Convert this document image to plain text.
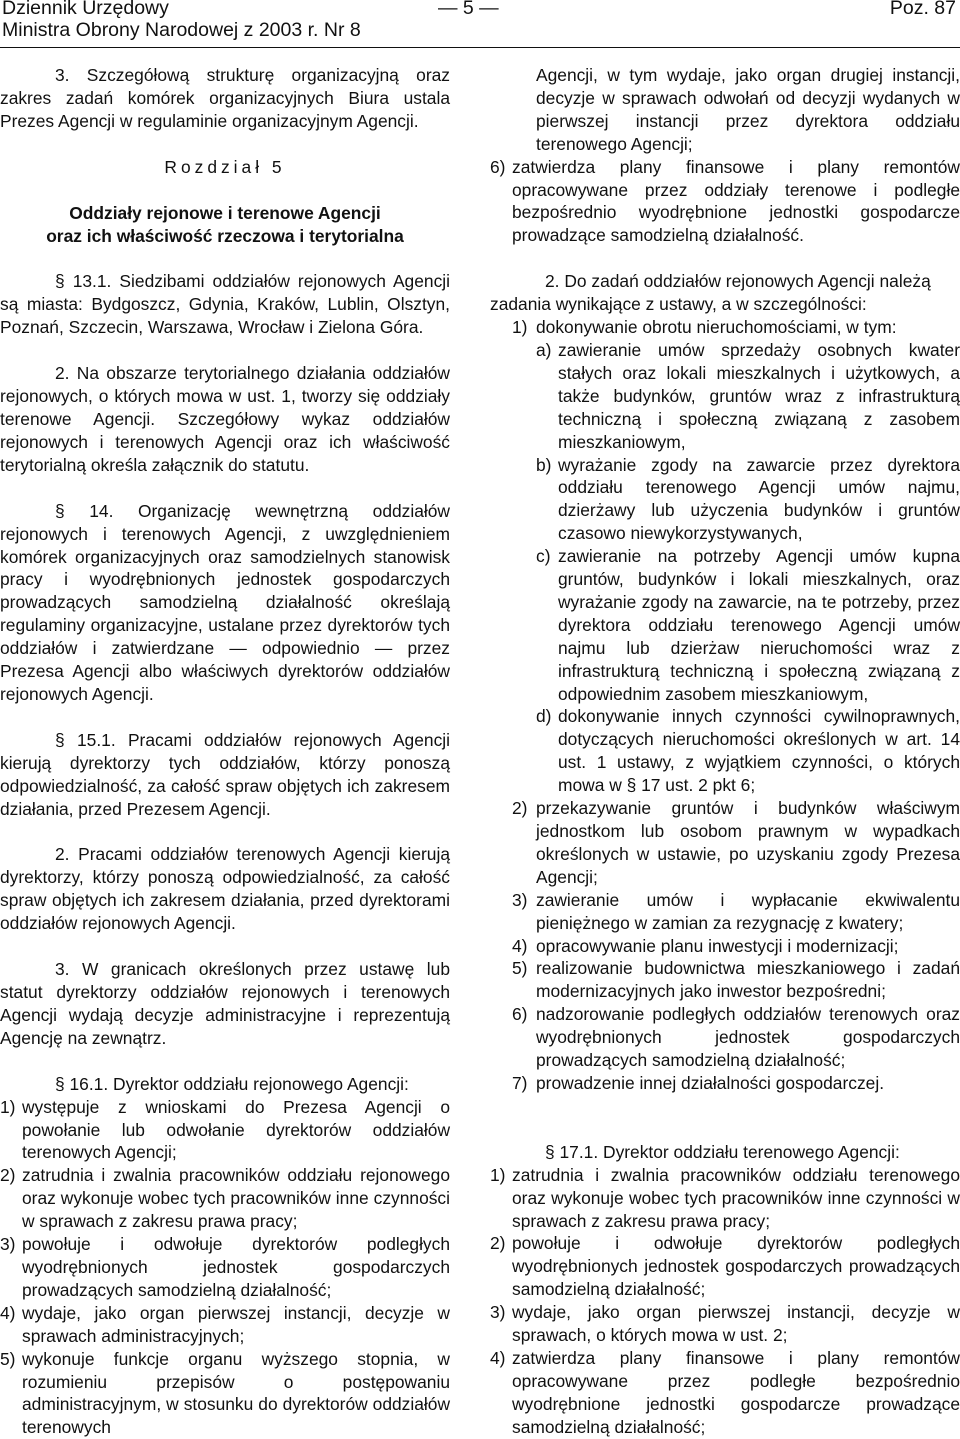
Dziennik Urzędowy
Ministra Obrony Narodowej z 2003 r. Nr 8
— 5 —	Poz. 87

3. Szczegółową strukturę organizacyjną oraz zakres zadań komórek organizacyjnych Biura ustala Prezes Agencji w regulaminie organizacyjnym Agencji.

Rozdział 5

Oddziały rejonowe i terenowe Agencji

oraz ich właściwość rzeczowa i terytorialna

§ 13.1. Siedzibami oddziałów rejonowych Agencji są miasta: Bydgoszcz, Gdynia, Kraków, Lublin, Olsztyn, Poznań, Szczecin, Warszawa, Wrocław i Zielona Góra.

2. Na obszarze terytorialnego działania oddziałów rejonowych, o których mowa w ust. 1, tworzy się oddziały terenowe Agencji. Szczegółowy wykaz oddziałów rejonowych i terenowych Agencji oraz ich właściwość terytorialną określa załącznik do statutu.

§ 14. Organizację wewnętrzną oddziałów rejonowych i terenowych Agencji, z uwzględnieniem komórek organizacyjnych oraz samodzielnych stanowisk pracy i wyodrębnionych jednostek gospodarczych prowadzących samodzielną działalność określają regulaminy organizacyjne, ustalane przez dyrektorów tych oddziałów i zatwierdzane — odpowiednio — przez Prezesa Agencji albo właściwych dyrektorów oddziałów rejonowych Agencji.

§ 15.1. Pracami oddziałów rejonowych Agencji kierują dyrektorzy tych oddziałów, którzy ponoszą odpowiedzialność, za całość spraw objętych ich zakresem działania, przed Prezesem Agencji.

2. Pracami oddziałów terenowych Agencji kierują dyrektorzy, którzy ponoszą odpowiedzialność, za całość spraw objętych ich zakresem działania, przed dyrektorami oddziałów rejonowych Agencji.

3. W granicach określonych przez ustawę lub statut dyrektorzy oddziałów rejonowych i terenowych Agencji wydają decyzje administracyjne i reprezentują Agencję na zewnątrz.

§ 16.1. Dyrektor oddziału rejonowego Agencji:

1) występuje z wnioskami do Prezesa Agencji o powołanie lub odwołanie dyrektorów oddziałów terenowych Agencji;

2) zatrudnia i zwalnia pracowników oddziału rejonowego oraz wykonuje wobec tych pracowników inne czynności w sprawach z zakresu prawa pracy;

3) powołuje i odwołuje dyrektorów podległych wyodrębnionych jednostek gospodarczych prowadzących samodzielną działalność;

4) wydaje, jako organ pierwszej instancji, decyzje w sprawach administracyjnych;

5) wykonuje funkcje organu wyższego stopnia, w rozumieniu przepisów o postępowaniu administracyjnym, w stosunku do dyrektorów oddziałów terenowych

Agencji, w tym wydaje, jako organ drugiej instancji, decyzje w sprawach odwołań od decyzji wydanych w pierwszej instancji przez dyrektora oddziału terenowego Agencji;

6) zatwierdza plany finansowe i plany remontów opracowywane przez oddziały terenowe i podległe bezpośrednio wyodrębnione jednostki gospodarcze prowadzące samodzielną działalność.

2. Do zadań oddziałów rejonowych Agencji należą

zadania wynikające z ustawy, a w szczególności:

1) dokonywanie obrotu nieruchomościami, w tym:

a) zawieranie umów sprzedaży osobnych kwater stałych oraz lokali mieszkalnych i użytkowych, a także budynków, gruntów wraz z infrastrukturą techniczną i społeczną związaną z zasobem mieszkaniowym,

b) wyrażanie zgody na zawarcie przez dyrektora oddziału terenowego Agencji umów najmu, dzierżawy lub użyczenia budynków i gruntów czasowo niewykorzystywanych,

c) zawieranie na potrzeby Agencji umów kupna gruntów, budynków i lokali mieszkalnych, oraz wyrażanie zgody na zawarcie, na te potrzeby, przez dyrektora oddziału terenowego Agencji umów najmu lub dzierżaw nieruchomości wraz z infrastrukturą techniczną i społeczną związaną z odpowiednim zasobem mieszkaniowym,

d) dokonywanie innych czynności cywilnoprawnych, dotyczących nieruchomości określonych w art. 14 ust. 1 ustawy, z wyjątkiem czynności, o których mowa w § 17 ust. 2 pkt 6;

2) przekazywanie gruntów i budynków właściwym jednostkom lub osobom prawnym w wypadkach określonych w ustawie, po uzyskaniu zgody Prezesa Agencji;

3) zawieranie umów i wypłacanie ekwiwalentu pieniężnego w zamian za rezygnację z kwatery;

4) opracowywanie planu inwestycji i modernizacji;

5) realizowanie budownictwa mieszkaniowego i zadań modernizacyjnych jako inwestor bezpośredni;

6) nadzorowanie podległych oddziałów terenowych oraz wyodrębnionych jednostek gospodarczych prowadzących samodzielną działalność;

7) prowadzenie innej działalności gospodarczej.

§ 17.1. Dyrektor oddziału terenowego Agencji:

1) zatrudnia i zwalnia pracowników oddziału terenowego oraz wykonuje wobec tych pracowników inne czynności w sprawach z zakresu prawa pracy;

2) powołuje i odwołuje dyrektorów podległych wyodrębnionych jednostek gospodarczych prowadzących samodzielną działalność;

3) wydaje, jako organ pierwszej instancji, decyzje w sprawach, o których mowa w ust. 2;

4) zatwierdza plany finansowe i plany remontów opracowywane przez podległe bezpośrednio wyodrębnione jednostki gospodarcze prowadzące samodzielną działalność;
